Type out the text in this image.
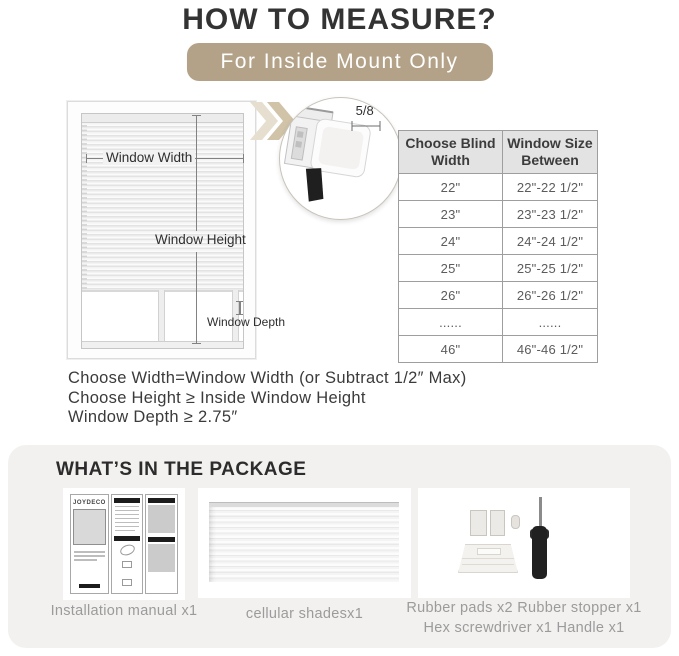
HOW TO MEASURE?
For Inside Mount Only
Window Width
Window Height
Window Depth
5/8"
Choose Blind Width	Window Size Between
22"	22"-22 1/2"
23"	23"-23 1/2"
24"	24"-24 1/2"
25"	25"-25 1/2"
26"	26"-26 1/2"
......	......
46"	46"-46 1/2"
Choose Width=Window Width (or Subtract 1/2″ Max)
Choose Height ≥ Inside Window Height
Window Depth ≥ 2.75″
WHAT’S IN THE PACKAGE
JOYDECO
Installation manual x1	cellular shadesx1	Rubber pads x2 Rubber stopper x1
Hex screwdriver x1 Handle x1
